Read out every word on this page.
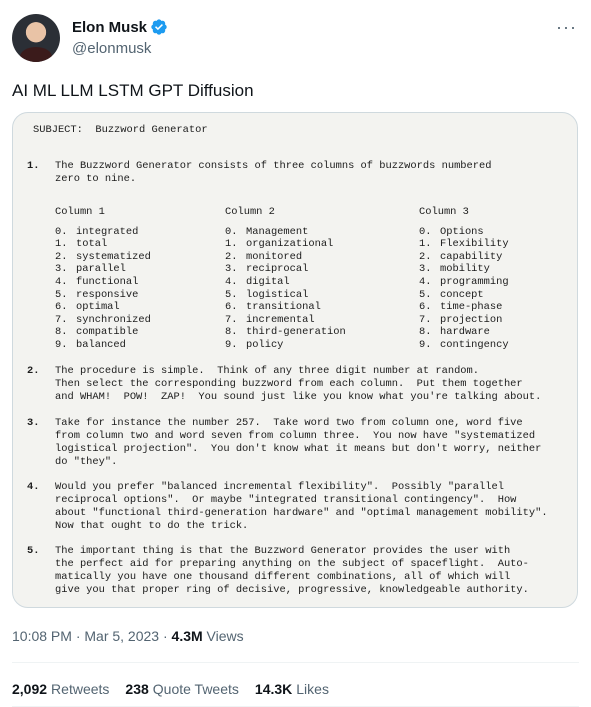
Elon Musk
@elonmusk
···
AI ML LLM LSTM GPT Diffusion
SUBJECT:  Buzzword Generator
1. The Buzzword Generator consists of three columns of buzzwords numbered
zero to nine.
Column 1
0. integrated
1. total
2. systematized
3. parallel
4. functional
5. responsive
6. optimal
7. synchronized
8. compatible
9. balanced
Column 2
0. Management
1. organizational
2. monitored
3. reciprocal
4. digital
5. logistical
6. transitional
7. incremental
8. third-generation
9. policy
Column 3
0. Options
1. Flexibility
2. capability
3. mobility
4. programming
5. concept
6. time-phase
7. projection
8. hardware
9. contingency
2. The procedure is simple.  Think of any three digit number at random.
Then select the corresponding buzzword from each column.  Put them together
and WHAM!  POW!  ZAP!  You sound just like you know what you're talking about.
3. Take for instance the number 257.  Take word two from column one, word five
from column two and word seven from column three.  You now have "systematized
logistical projection".  You don't know what it means but don't worry, neither
do "they".
4. Would you prefer "balanced incremental flexibility".  Possibly "parallel
reciprocal options".  Or maybe "integrated transitional contingency".  How
about "functional third-generation hardware" and "optimal management mobility".
Now that ought to do the trick.
5. The important thing is that the Buzzword Generator provides the user with
the perfect aid for preparing anything on the subject of spaceflight.  Auto-
matically you have one thousand different combinations, all of which will
give you that proper ring of decisive, progressive, knowledgeable authority.
10:08 PM · Mar 5, 2023 · 4.3M Views
2,092 Retweets 238 Quote Tweets 14.3K Likes
